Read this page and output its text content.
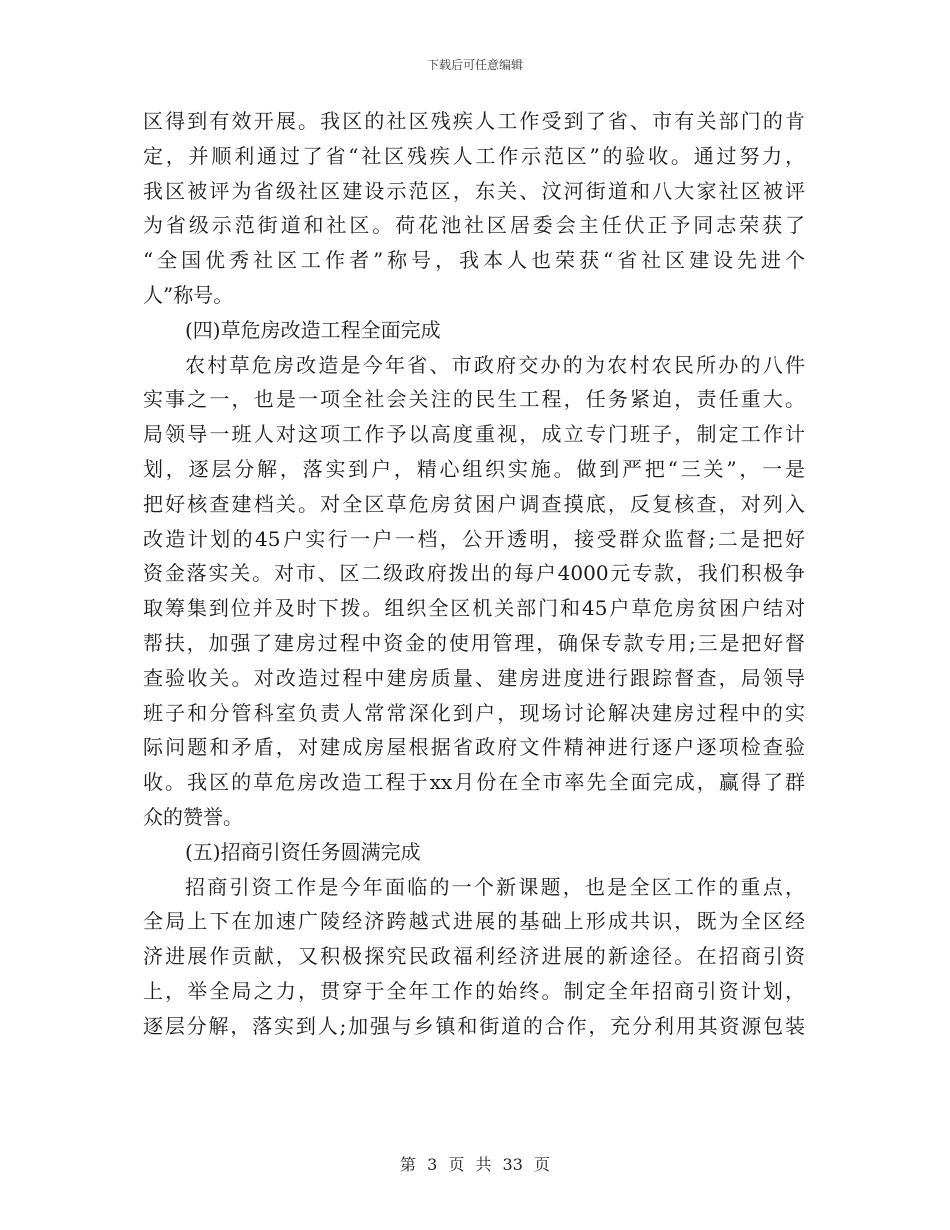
下载后可任意编辑
区得到有效开展。我区的社区残疾人工作受到了省、市有关部门的肯
定，并顺利通过了省“社区残疾人工作示范区”的验收。通过努力，
我区被评为省级社区建设示范区，东关、汶河街道和八大家社区被评
为省级示范街道和社区。荷花池社区居委会主任伏正予同志荣获了
“全国优秀社区工作者”称号，我本人也荣获“省社区建设先进个
人”称号。
(四)草危房改造工程全面完成
农村草危房改造是今年省、市政府交办的为农村农民所办的八件
实事之一，也是一项全社会关注的民生工程，任务紧迫，责任重大。
局领导一班人对这项工作予以高度重视，成立专门班子，制定工作计
划，逐层分解，落实到户，精心组织实施。做到严把“三关”，一是
把好核查建档关。对全区草危房贫困户调查摸底，反复核查，对列入
改造计划的45户实行一户一档，公开透明，接受群众监督;二是把好
资金落实关。对市、区二级政府拨出的每户4000元专款，我们积极争
取筹集到位并及时下拨。组织全区机关部门和45户草危房贫困户结对
帮扶，加强了建房过程中资金的使用管理，确保专款专用;三是把好督
查验收关。对改造过程中建房质量、建房进度进行跟踪督查，局领导
班子和分管科室负责人常常深化到户，现场讨论解决建房过程中的实
际问题和矛盾，对建成房屋根据省政府文件精神进行逐户逐项检查验
收。我区的草危房改造工程于xx月份在全市率先全面完成，赢得了群
众的赞誉。
(五)招商引资任务圆满完成
招商引资工作是今年面临的一个新课题，也是全区工作的重点，
全局上下在加速广陵经济跨越式进展的基础上形成共识，既为全区经
济进展作贡献，又积极探究民政福利经济进展的新途径。在招商引资
上，举全局之力，贯穿于全年工作的始终。制定全年招商引资计划，
逐层分解，落实到人;加强与乡镇和街道的合作，充分利用其资源包装
第 3 页 共 33 页
